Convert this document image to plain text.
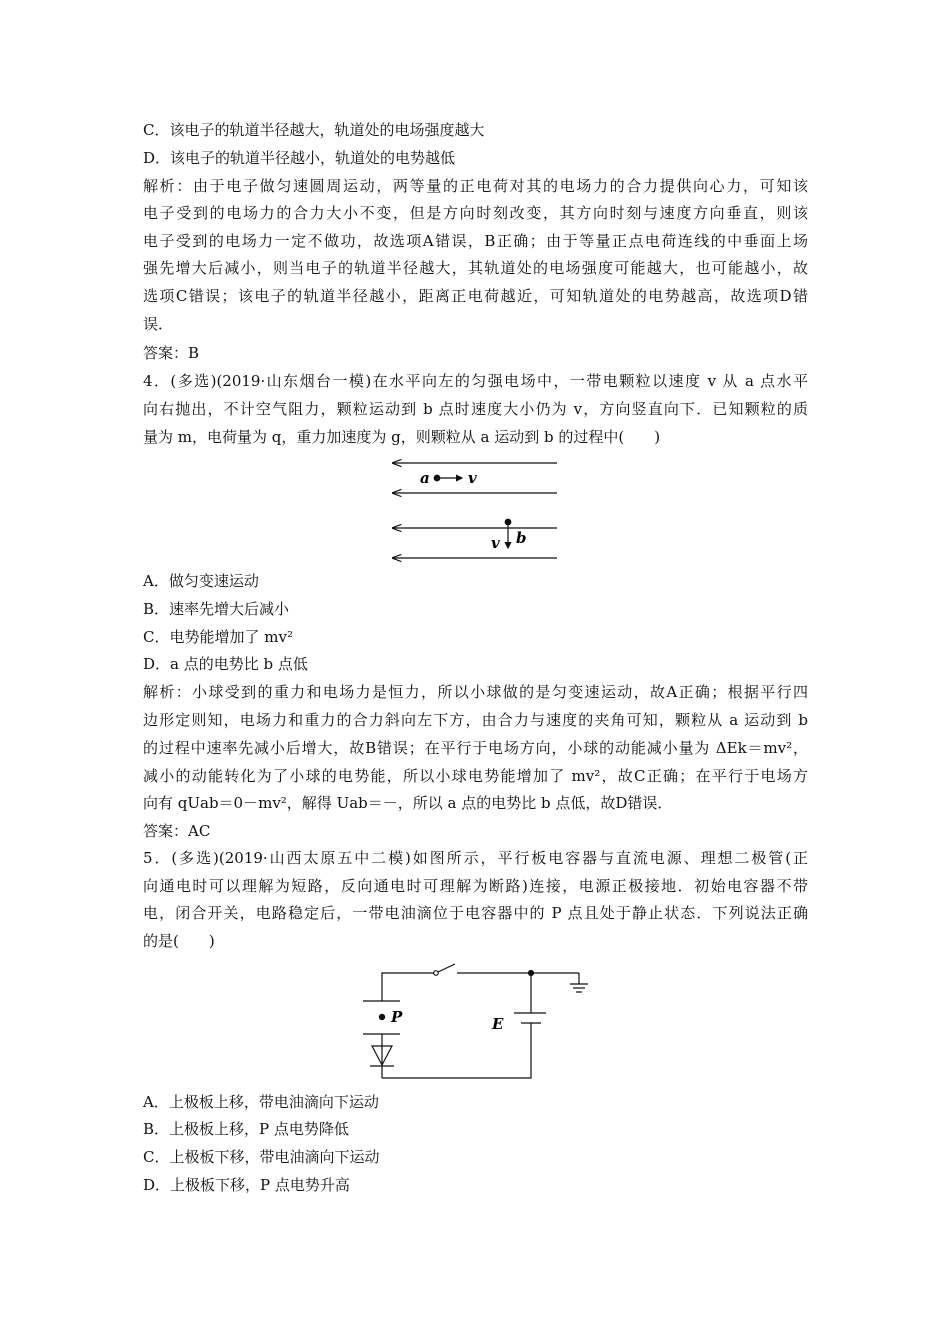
C．该电子的轨道半径越大，轨道处的电场强度越大
D．该电子的轨道半径越小，轨道处的电势越低
解析：由于电子做匀速圆周运动，两等量的正电荷对其的电场力的合力提供向心力，可知该
电子受到的电场力的合力大小不变，但是方向时刻改变，其方向时刻与速度方向垂直，则该
电子受到的电场力一定不做功，故选项A错误，B正确；由于等量正点电荷连线的中垂面上场
强先增大后减小，则当电子的轨道半径越大，其轨道处的电场强度可能越大，也可能越小，故
选项C错误；该电子的轨道半径越小，距离正电荷越近，可知轨道处的电势越高，故选项D错
误．
答案：B
4．(多选)(2019·山东烟台一模)在水平向左的匀强电场中，一带电颗粒以速度 v 从 a 点水平
向右抛出，不计空气阻力，颗粒运动到 b 点时速度大小仍为 v，方向竖直向下．已知颗粒的质
量为 m，电荷量为 q，重力加速度为 g，则颗粒从 a 运动到 b 的过程中(　　)
A．做匀变速运动
B．速率先增大后减小
C．电势能增加了 mv²
D．a 点的电势比 b 点低
解析：小球受到的重力和电场力是恒力，所以小球做的是匀变速运动，故A正确；根据平行四
边形定则知，电场力和重力的合力斜向左下方，由合力与速度的夹角可知，颗粒从 a 运动到 b
的过程中速率先减小后增大，故B错误；在平行于电场方向，小球的动能减小量为 ΔEk＝mv²，
减小的动能转化为了小球的电势能，所以小球电势能增加了 mv²，故C正确；在平行于电场方
向有 qUab＝0－mv²，解得 Uab＝－，所以 a 点的电势比 b 点低，故D错误．
答案：AC
5．(多选)(2019·山西太原五中二模)如图所示，平行板电容器与直流电源、理想二极管(正
向通电时可以理解为短路，反向通电时可理解为断路)连接，电源正极接地．初始电容器不带
电，闭合开关，电路稳定后，一带电油滴位于电容器中的 P 点且处于静止状态．下列说法正确
的是(　　)
A．上极板上移，带电油滴向下运动
B．上极板上移，P 点电势降低
C．上极板下移，带电油滴向下运动
D．上极板下移，P 点电势升高
a	v
v b
P	E
